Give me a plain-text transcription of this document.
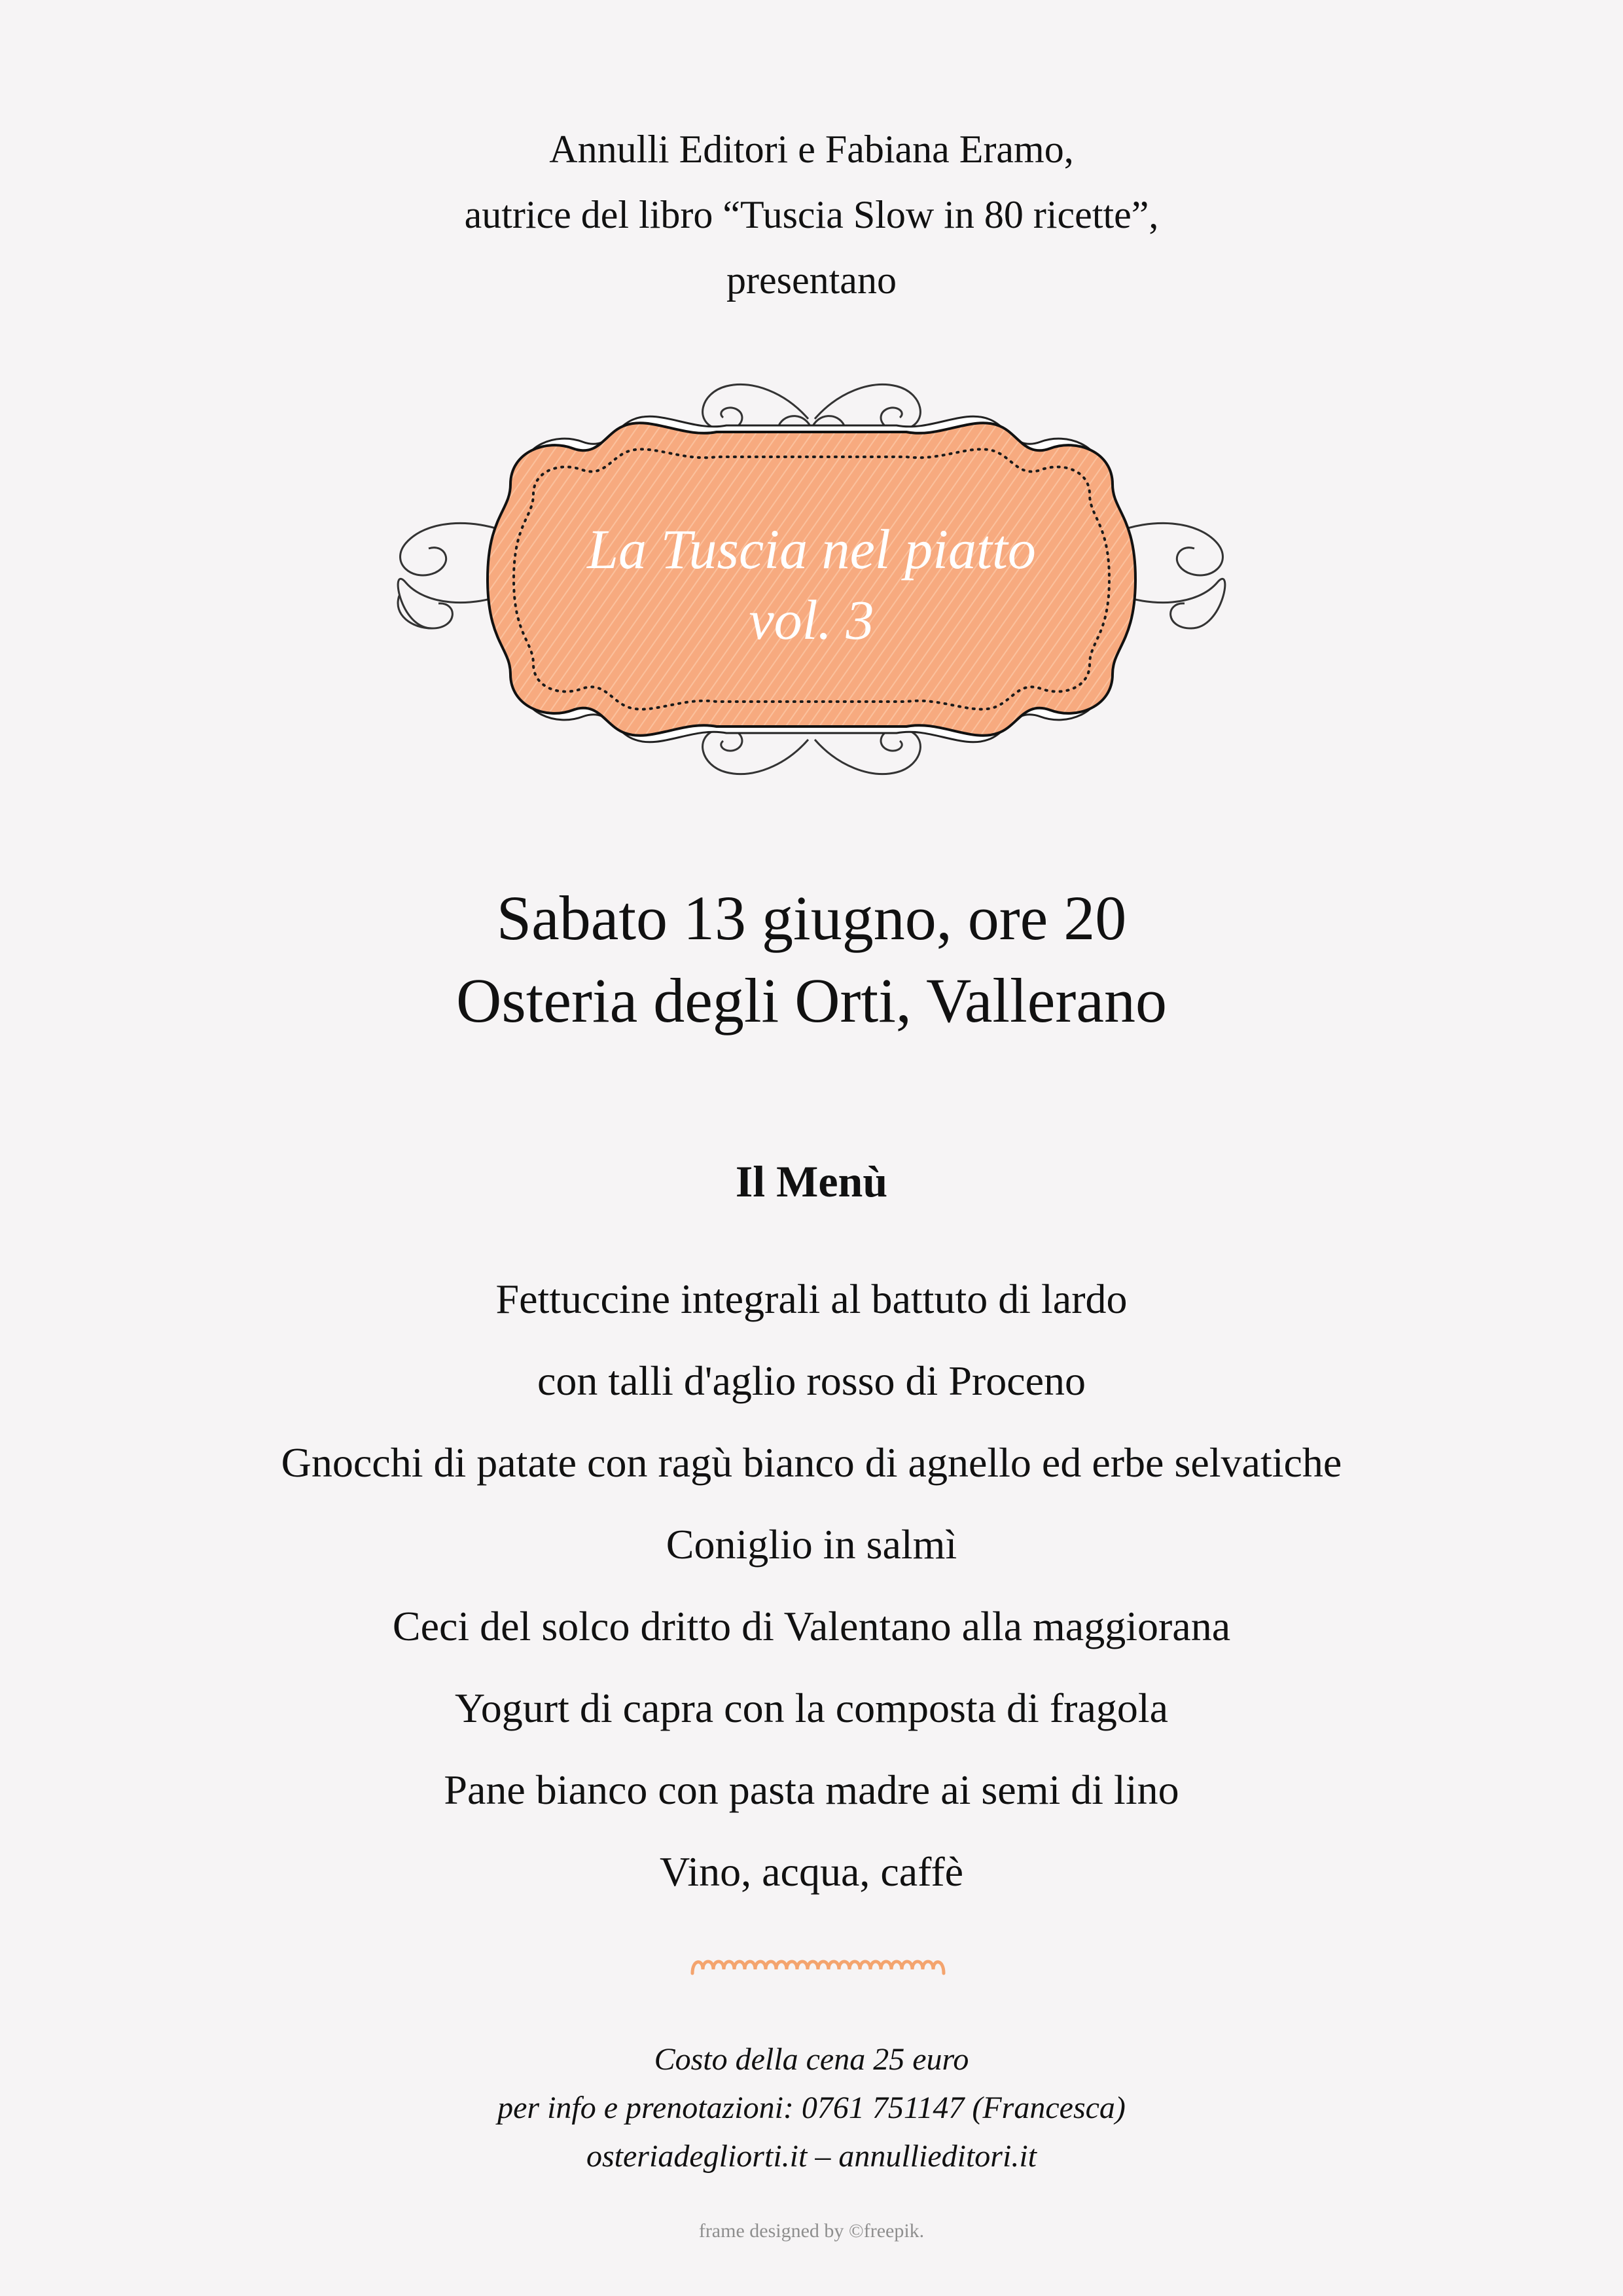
Annulli Editori e Fabiana Eramo,
autrice del libro “Tuscia Slow in 80 ricette”,
presentano
La Tuscia nel piatto
vol. 3
Sabato 13 giugno, ore 20
Osteria degli Orti, Vallerano
Il Menù
Fettuccine integrali al battuto di lardo
con talli d'aglio rosso di Proceno
Gnocchi di patate con ragù bianco di agnello ed erbe selvatiche
Coniglio in salmì
Ceci del solco dritto di Valentano alla maggiorana
Yogurt di capra con la composta di fragola
Pane bianco con pasta madre ai semi di lino
Vino, acqua, caffè
Costo della cena 25 euro
per info e prenotazioni: 0761 751147 (Francesca)
osteriadegliorti.it – annullieditori.it
frame designed by ©freepik.
